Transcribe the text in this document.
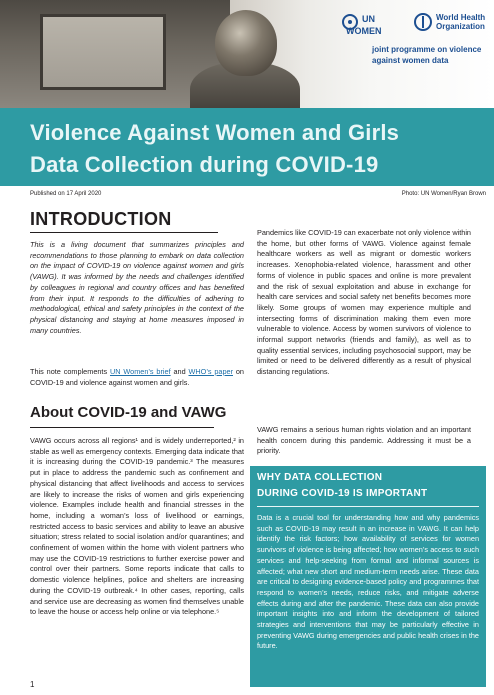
UN
WOMEN
World Health Organization
joint programme on violence against women data
Violence Against Women and Girls
Data Collection during COVID-19
Published on 17 April 2020	Photo: UN Women/Ryan Brown
INTRODUCTION
This is a living document that summarizes principles and recommendations to those planning to embark on data collection on the impact of COVID-19 on violence against women and girls (VAWG). It was informed by the needs and challenges identified by colleagues in regional and country offices and has benefited from their input. It responds to the difficulties of adhering to methodological, ethical and safety principles in the context of the physical distancing and staying at home measures imposed in many countries.
This note complements UN Women’s brief and WHO’s paper on COVID-19 and violence against women and girls.
About COVID-19 and VAWG
VAWG occurs across all regions¹ and is widely underreported,² in stable as well as emergency contexts. Emerging data indicate that it is increasing during the COVID-19 pandemic.³ The measures put in place to address the pandemic such as confinement and physical distancing that affect livelihoods and access to services are likely to increase the risks of women and girls experiencing violence. Examples include health and financial stresses in the home, including a woman’s loss of livelihood or earnings, restricted access to basic services and ability to leave an abusive situation; stress related to social isolation and/or quarantines; and confinement of women within the home with violent partners who may use the COVID-19 restrictions to further exercise power and control over their partners. Some reports indicate that calls to domestic violence helplines, police and shelters are increasing during the COVID-19 outbreak.⁴ In other cases, reporting, calls and service use are decreasing as women find themselves unable to leave the house or access help online or via telephone.⁵
Pandemics like COVID-19 can exacerbate not only violence within the home, but other forms of VAWG. Violence against female healthcare workers as well as migrant or domestic workers increases. Xenophobia-related violence, harassment and other forms of violence in public spaces and online is more prevalent and the risk of sexual exploitation and abuse in exchange for health care services and social safety net benefits becomes more likely. Some groups of women may experience multiple and intersecting forms of discrimination making them even more vulnerable to violence. Access by women survivors of violence to informal support networks (friends and family), as well as to quality essential services, including psychosocial support, may be limited or need to be delivered differently as a result of physical distancing regulations.
VAWG remains a serious human rights violation and an important health concern during this pandemic. Addressing it must be a priority.
WHY DATA COLLECTION
DURING COVID-19 IS IMPORTANT
Data is a crucial tool for understanding how and why pandemics such as COVID-19 may result in an increase in VAWG. It can help identify the risk factors; how availability of services for women survivors of violence is being affected; how women’s access to such services and help-seeking from formal and informal sources is affected; what new short and medium-term needs arise. These data are critical to designing evidence-based policy and programmes that respond to women’s needs, reduce risks, and mitigate adverse effects during and after the pandemic. These data can also provide important insights into and inform the development of tailored strategies and interventions that may be particularly effective in preventing VAWG during emergencies and public health crises in the future.
1
